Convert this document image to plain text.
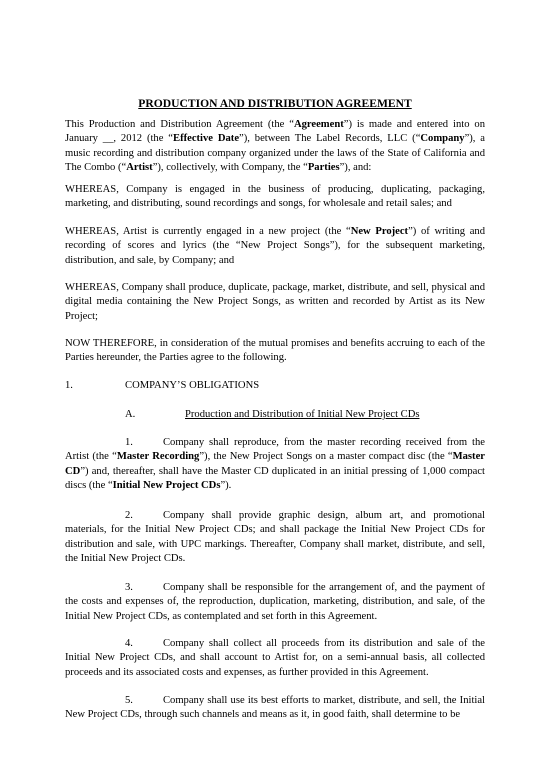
PRODUCTION AND DISTRIBUTION AGREEMENT

This Production and Distribution Agreement (the “Agreement”) is made and entered into on January __, 2012 (the “Effective Date”), between The Label Records, LLC (“Company”), a music recording and distribution company organized under the laws of the State of California and The Combo (“Artist”), collectively, with Company, the “Parties”), and:

WHEREAS, Company is engaged in the business of producing, duplicating, packaging, marketing, and distributing, sound recordings and songs, for wholesale and retail sales; and

WHEREAS, Artist is currently engaged in a new project (the “New Project”) of writing and recording of scores and lyrics (the “New Project Songs”), for the subsequent marketing, distribution, and sale, by Company; and

WHEREAS, Company shall produce, duplicate, package, market, distribute, and sell, physical and digital media containing the New Project Songs, as written and recorded by Artist as its New Project;

NOW THEREFORE, in consideration of the mutual promises and benefits accruing to each of the Parties hereunder, the Parties agree to the following.

1.	COMPANY’S OBLIGATIONS
A.	Production and Distribution of Initial New Project CDs

1.	Company shall reproduce, from the master recording received from the Artist (the “Master Recording”), the New Project Songs on a master compact disc (the “Master CD”) and, thereafter, shall have the Master CD duplicated in an initial pressing of 1,000 compact discs (the “Initial New Project CDs”).

2.	Company shall provide graphic design, album art, and promotional materials, for the Initial New Project CDs; and shall package the Initial New Project CDs for distribution and sale, with UPC markings. Thereafter, Company shall market, distribute, and sell, the Initial New Project CDs.

3.	Company shall be responsible for the arrangement of, and the payment of the costs and expenses of, the reproduction, duplication, marketing, distribution, and sale, of the Initial New Project CDs, as contemplated and set forth in this Agreement.

4.	Company shall collect all proceeds from its distribution and sale of the Initial New Project CDs, and shall account to Artist for, on a semi-annual basis, all collected proceeds and its associated costs and expenses, as further provided in this Agreement.

5.	Company shall use its best efforts to market, distribute, and sell, the Initial New Project CDs, through such channels and means as it, in good faith, shall determine to be
